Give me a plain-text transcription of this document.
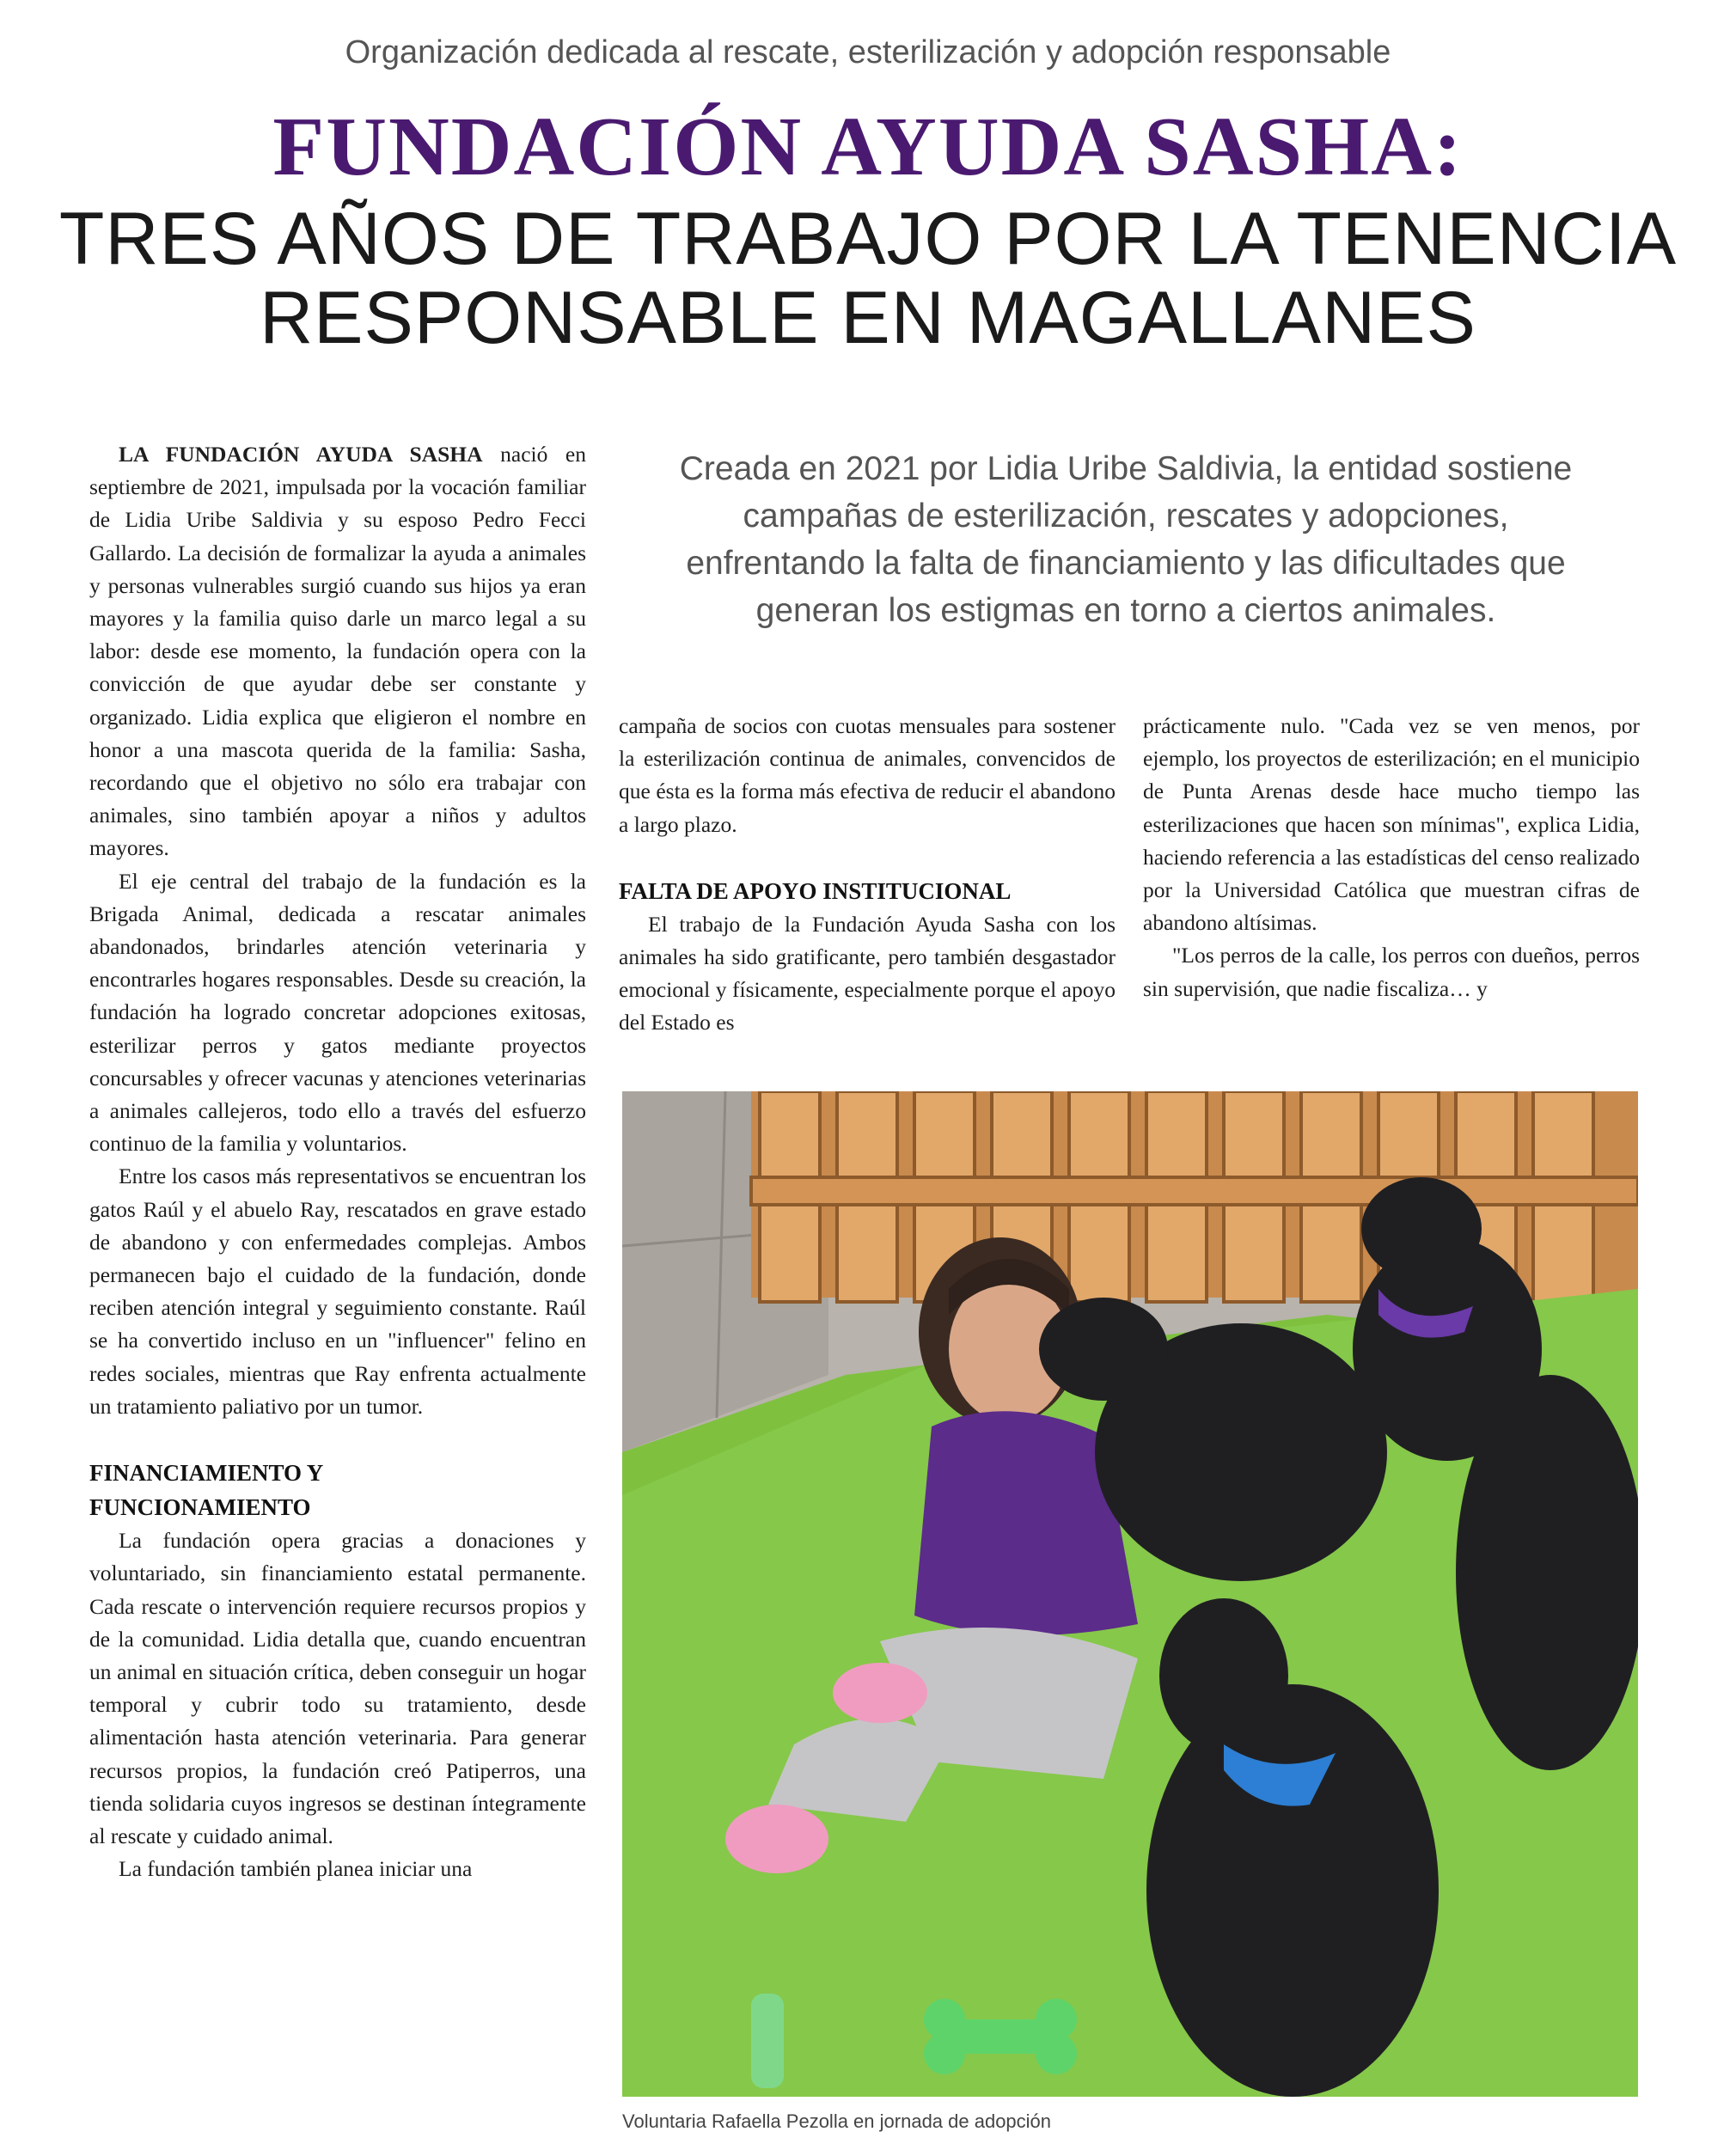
Organización dedicada al rescate, esterilización y adopción responsable
FUNDACIÓN AYUDA SASHA:
TRES AÑOS DE TRABAJO POR LA TENENCIA
RESPONSABLE EN MAGALLANES
Creada en 2021 por Lidia Uribe Saldivia, la entidad sostiene
campañas de esterilización, rescates y adopciones,
enfrentando la falta de financiamiento y las dificultades que
generan los estigmas en torno a ciertos animales.

LA FUNDACIÓN AYUDA SASHA nació en septiembre de 2021, impulsada por la vocación familiar de Lidia Uribe Saldivia y su esposo Pedro Fecci Gallardo. La decisión de formalizar la ayuda a animales y personas vulnerables surgió cuando sus hijos ya eran mayores y la familia quiso darle un marco legal a su labor: desde ese momento, la fundación opera con la convicción de que ayudar debe ser constante y organizado. Lidia explica que eligieron el nombre en honor a una mascota querida de la familia: Sasha, recordando que el objetivo no sólo era trabajar con animales, sino también apoyar a niños y adultos mayores.

El eje central del trabajo de la fundación es la Brigada Animal, dedicada a rescatar animales abandonados, brindarles atención veterinaria y encontrarles hogares responsables. Desde su creación, la fundación ha logrado concretar adopciones exitosas, esterilizar perros y gatos mediante proyectos concursables y ofrecer vacunas y atenciones veterinarias a animales callejeros, todo ello a través del esfuerzo continuo de la familia y voluntarios.

Entre los casos más representativos se encuentran los gatos Raúl y el abuelo Ray, rescatados en grave estado de abandono y con enfermedades complejas. Ambos permanecen bajo el cuidado de la fundación, donde reciben atención integral y seguimiento constante. Raúl se ha convertido incluso en un "influencer" felino en redes sociales, mientras que Ray enfrenta actualmente un tratamiento paliativo por un tumor.

FINANCIAMIENTO Y
FUNCIONAMIENTO

La fundación opera gracias a donaciones y voluntariado, sin financiamiento estatal permanente. Cada rescate o intervención requiere recursos propios y de la comunidad. Lidia detalla que, cuando encuentran un animal en situación crítica, deben conseguir un hogar temporal y cubrir todo su tratamiento, desde alimentación hasta atención veterinaria. Para generar recursos propios, la fundación creó Patiperros, una tienda solidaria cuyos ingresos se destinan íntegramente al rescate y cuidado animal.

La fundación también planea iniciar una

campaña de socios con cuotas mensuales para sostener la esterilización continua de animales, convencidos de que ésta es la forma más efectiva de reducir el abandono a largo plazo.

FALTA DE APOYO INSTITUCIONAL

El trabajo de la Fundación Ayuda Sasha con los animales ha sido gratificante, pero también desgastador emocional y físicamente, especialmente porque el apoyo del Estado es

prácticamente nulo. "Cada vez se ven menos, por ejemplo, los proyectos de esterilización; en el municipio de Punta Arenas desde hace mucho tiempo las esterilizaciones que hacen son mínimas", explica Lidia, haciendo referencia a las estadísticas del censo realizado por la Universidad Católica que muestran cifras de abandono altísimas.

"Los perros de la calle, los perros con dueños, perros sin supervisión, que nadie fiscaliza… y

Voluntaria Rafaella Pezolla en jornada de adopción
